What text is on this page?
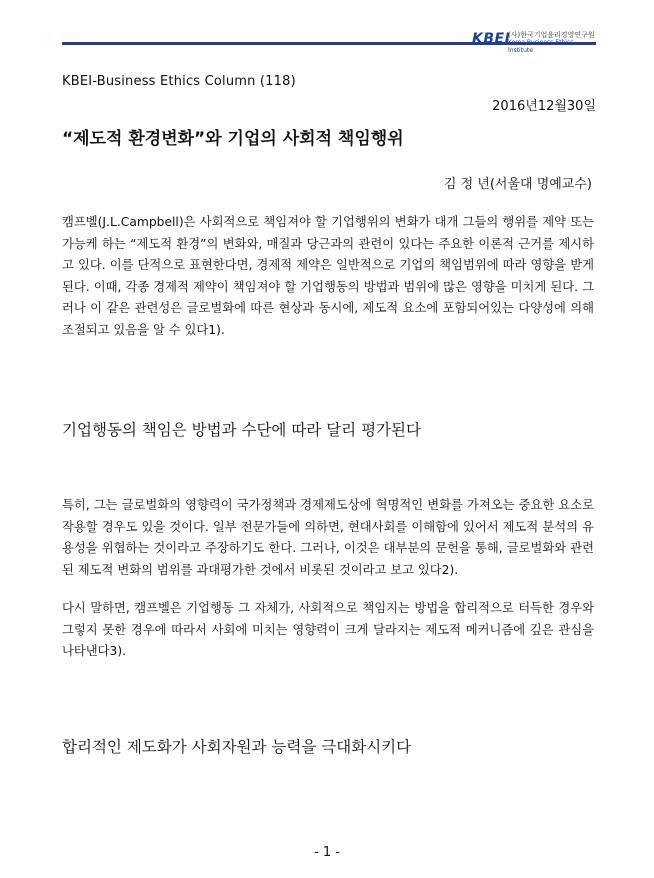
KBEI
(사)한국기업윤리경영연구원
Korea Business Ethics Institute
KBEI-Business Ethics Column (118)
2016년12월30일
“제도적 환경변화”와 기업의 사회적 책임행위
김 정 년(서울대 명예교수)

캠프벨(J.L.Campbell)은 사회적으로 책임져야 할 기업행위의 변화가 대개 그들의 행위를 제약 또는 가능케 하는 “제도적 환경”의 변화와, 매질과 당근과의 관련이 있다는 주요한 이론적 근거를 제시하고 있다. 이를 단적으로 표현한다면, 경제적 제약은 일반적으로 기업의 책임범위에 따라 영향을 받게 된다. 이때, 각종 경제적 제약이 책임져야 할 기업행동의 방법과 범위에 많은 영향을 미치게 된다. 그러나 이 같은 관련성은 글로벌화에 따른 현상과 동시에, 제도적 요소에 포함되어있는 다양성에 의해 조절되고 있음을 알 수 있다1).

기업행동의 책임은 방법과 수단에 따라 달리 평가된다

특히, 그는 글로벌화의 영향력이 국가정책과 경제제도상에 혁명적인 변화를 가져오는 중요한 요소로 작용할 경우도 있을 것이다. 일부 전문가들에 의하면, 현대사회를 이해함에 있어서 제도적 분석의 유용성을 위협하는 것이라고 주장하기도 한다. 그러나, 이것은 대부분의 문헌을 통해, 글로벌화와 관련된 제도적 변화의 범위를 과대평가한 것에서 비롯된 것이라고 보고 있다2).

다시 말하면, 캠프벨은 기업행동 그 자체가, 사회적으로 책임지는 방법을 합리적으로 터득한 경우와 그렇지 못한 경우에 따라서 사회에 미치는 영향력이 크게 달라지는 제도적 메커니즘에 깊은 관심을 나타낸다3).

합리적인 제도화가 사회자원과 능력을 극대화시키다
- 1 -
